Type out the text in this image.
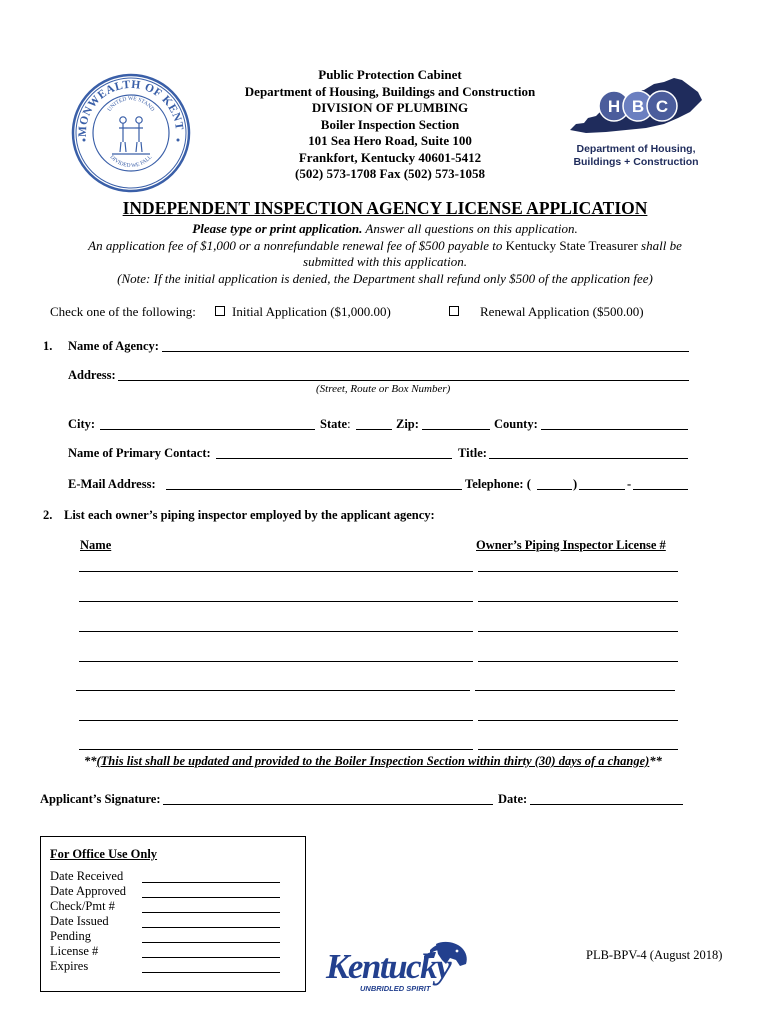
MONWEALTH OF KENT
UNITED WE STAND
DIVIDED WE FALL
Public Protection Cabinet
Department of Housing, Buildings and Construction
DIVISION OF PLUMBING
Boiler Inspection Section
101 Sea Hero Road, Suite 100
Frankfort, Kentucky 40601-5412
(502) 573-1708 Fax (502) 573-1058
H B C
Department of Housing,
Buildings + Construction
INDEPENDENT INSPECTION AGENCY LICENSE APPLICATION
Please type or print application. Answer all questions on this application.
An application fee of $1,000 or a nonrefundable renewal fee of $500 payable to Kentucky State Treasurer shall be
submitted with this application.
(Note: If the initial application is denied, the Department shall refund only $500 of the application fee)
Check one of the following:	Initial Application ($1,000.00)	Renewal Application ($500.00)
1. Name of Agency:
Address:
(Street, Route or Box Number)
City:	State:	Zip:	County:
Name of Primary Contact:	Title:
E-Mail Address:	Telephone: (	)	-
2. List each owner’s piping inspector employed by the applicant agency:
Name	Owner’s Piping Inspector License #
**(This list shall be updated and provided to the Boiler Inspection Section within thirty (30) days of a change)**
Applicant’s Signature:	Date:
For Office Use Only
Date Received
Date Approved
Check/Pmt #
Date Issued
Pending
License #
Expires	Kentucky
UNBRIDLED SPIRIT
PLB-BPV-4 (August 2018)
